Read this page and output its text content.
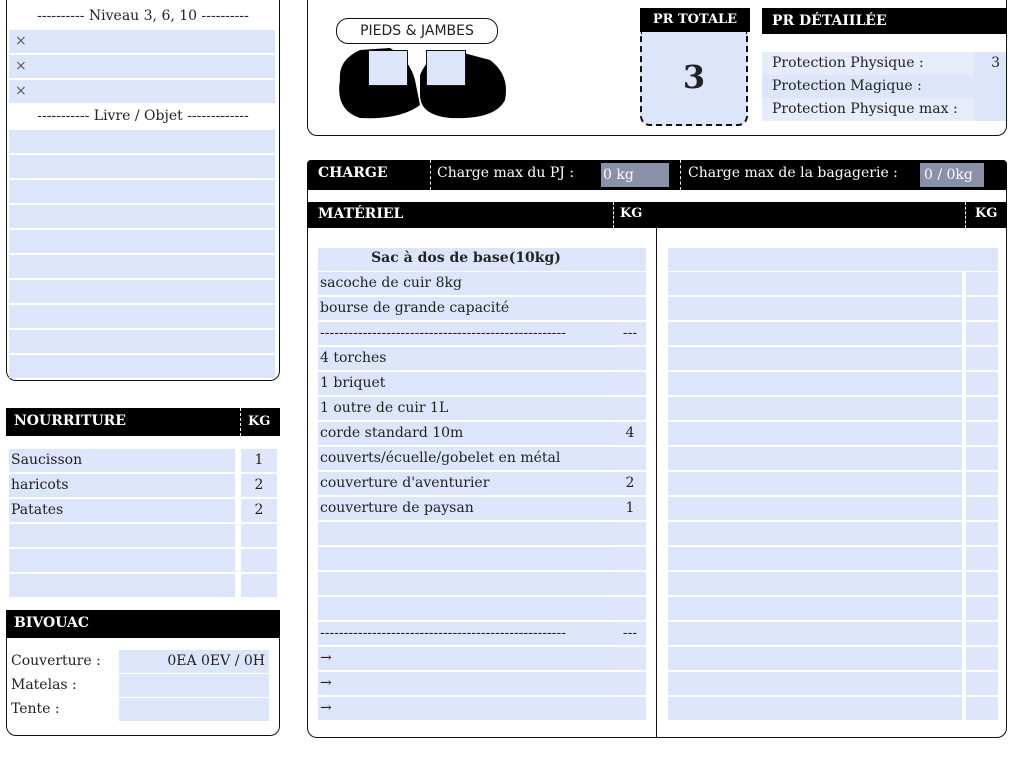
---------- Niveau 3, 6, 10 ----------
×
×
×
----------- Livre / Objet -------------
PIEDS & JAMBES
PR TOTALE
3
PR DÉTAIILÉE
Protection Physique :	3
Protection Magique :
Protection Physique max :
CHARGE	Charge max du PJ : 0 kg	Charge max de la bagagerie : 0 / 0kg
MATÉRIEL	KG	KG
Sac à dos de base(10kg)
sacoche de cuir 8kg
bourse de grande capacité
----------------------------------------------------	---
4 torches
1 briquet
1 outre de cuir 1L
corde standard 10m	4
couverts/écuelle/gobelet en métal
couverture d'aventurier	2
couverture de paysan	1
----------------------------------------------------	---
→
→
→
NOURRITURE	KG
Saucisson	1
haricots	2
Patates	2
BIVOUAC
Couverture :	0EA 0EV / 0H
Matelas :
Tente :
